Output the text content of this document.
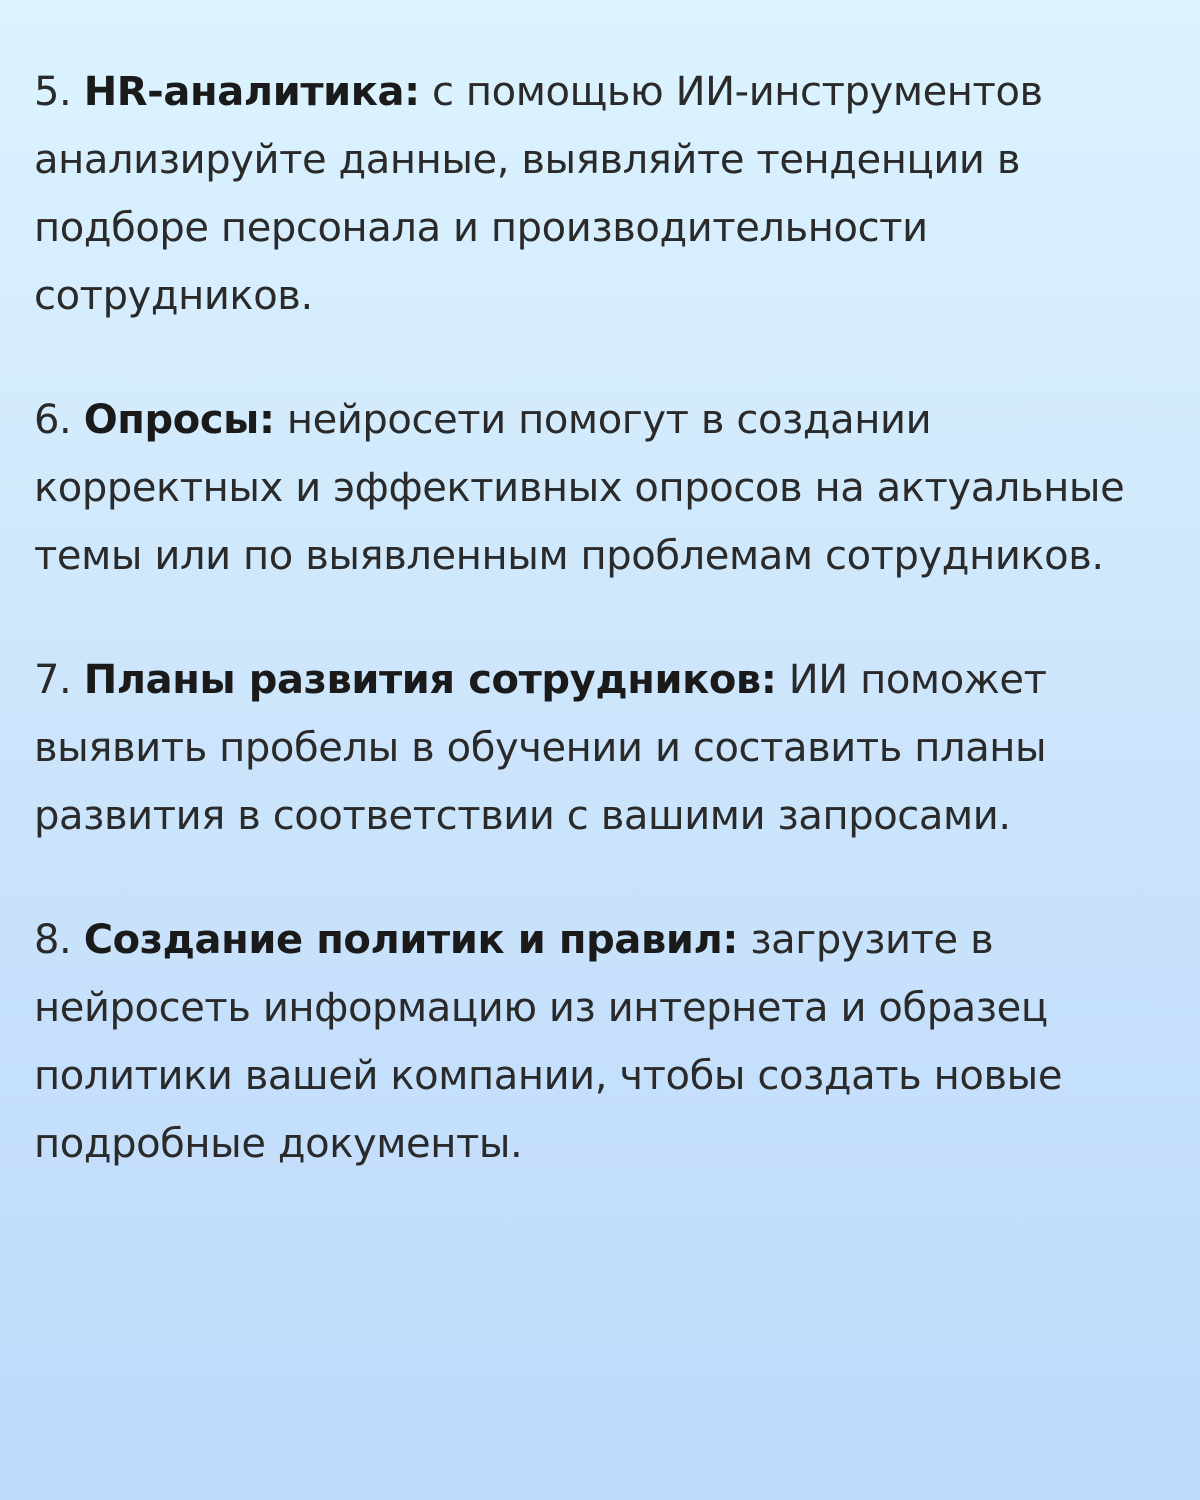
5. HR-аналитика: с помощью ИИ-инструментов анализируйте данные, выявляйте тенденции в подборе персонала и производительности сотрудников.

6. Опросы: нейросети помогут в создании корректных и эффективных опросов на актуальные темы или по выявленным проблемам сотрудников.

7. Планы развития сотрудников: ИИ поможет выявить пробелы в обучении и составить планы развития в соответствии с вашими запросами.

8. Создание политик и правил: загрузите в нейросеть информацию из интернета и образец политики вашей компании, чтобы создать новые подробные документы.
